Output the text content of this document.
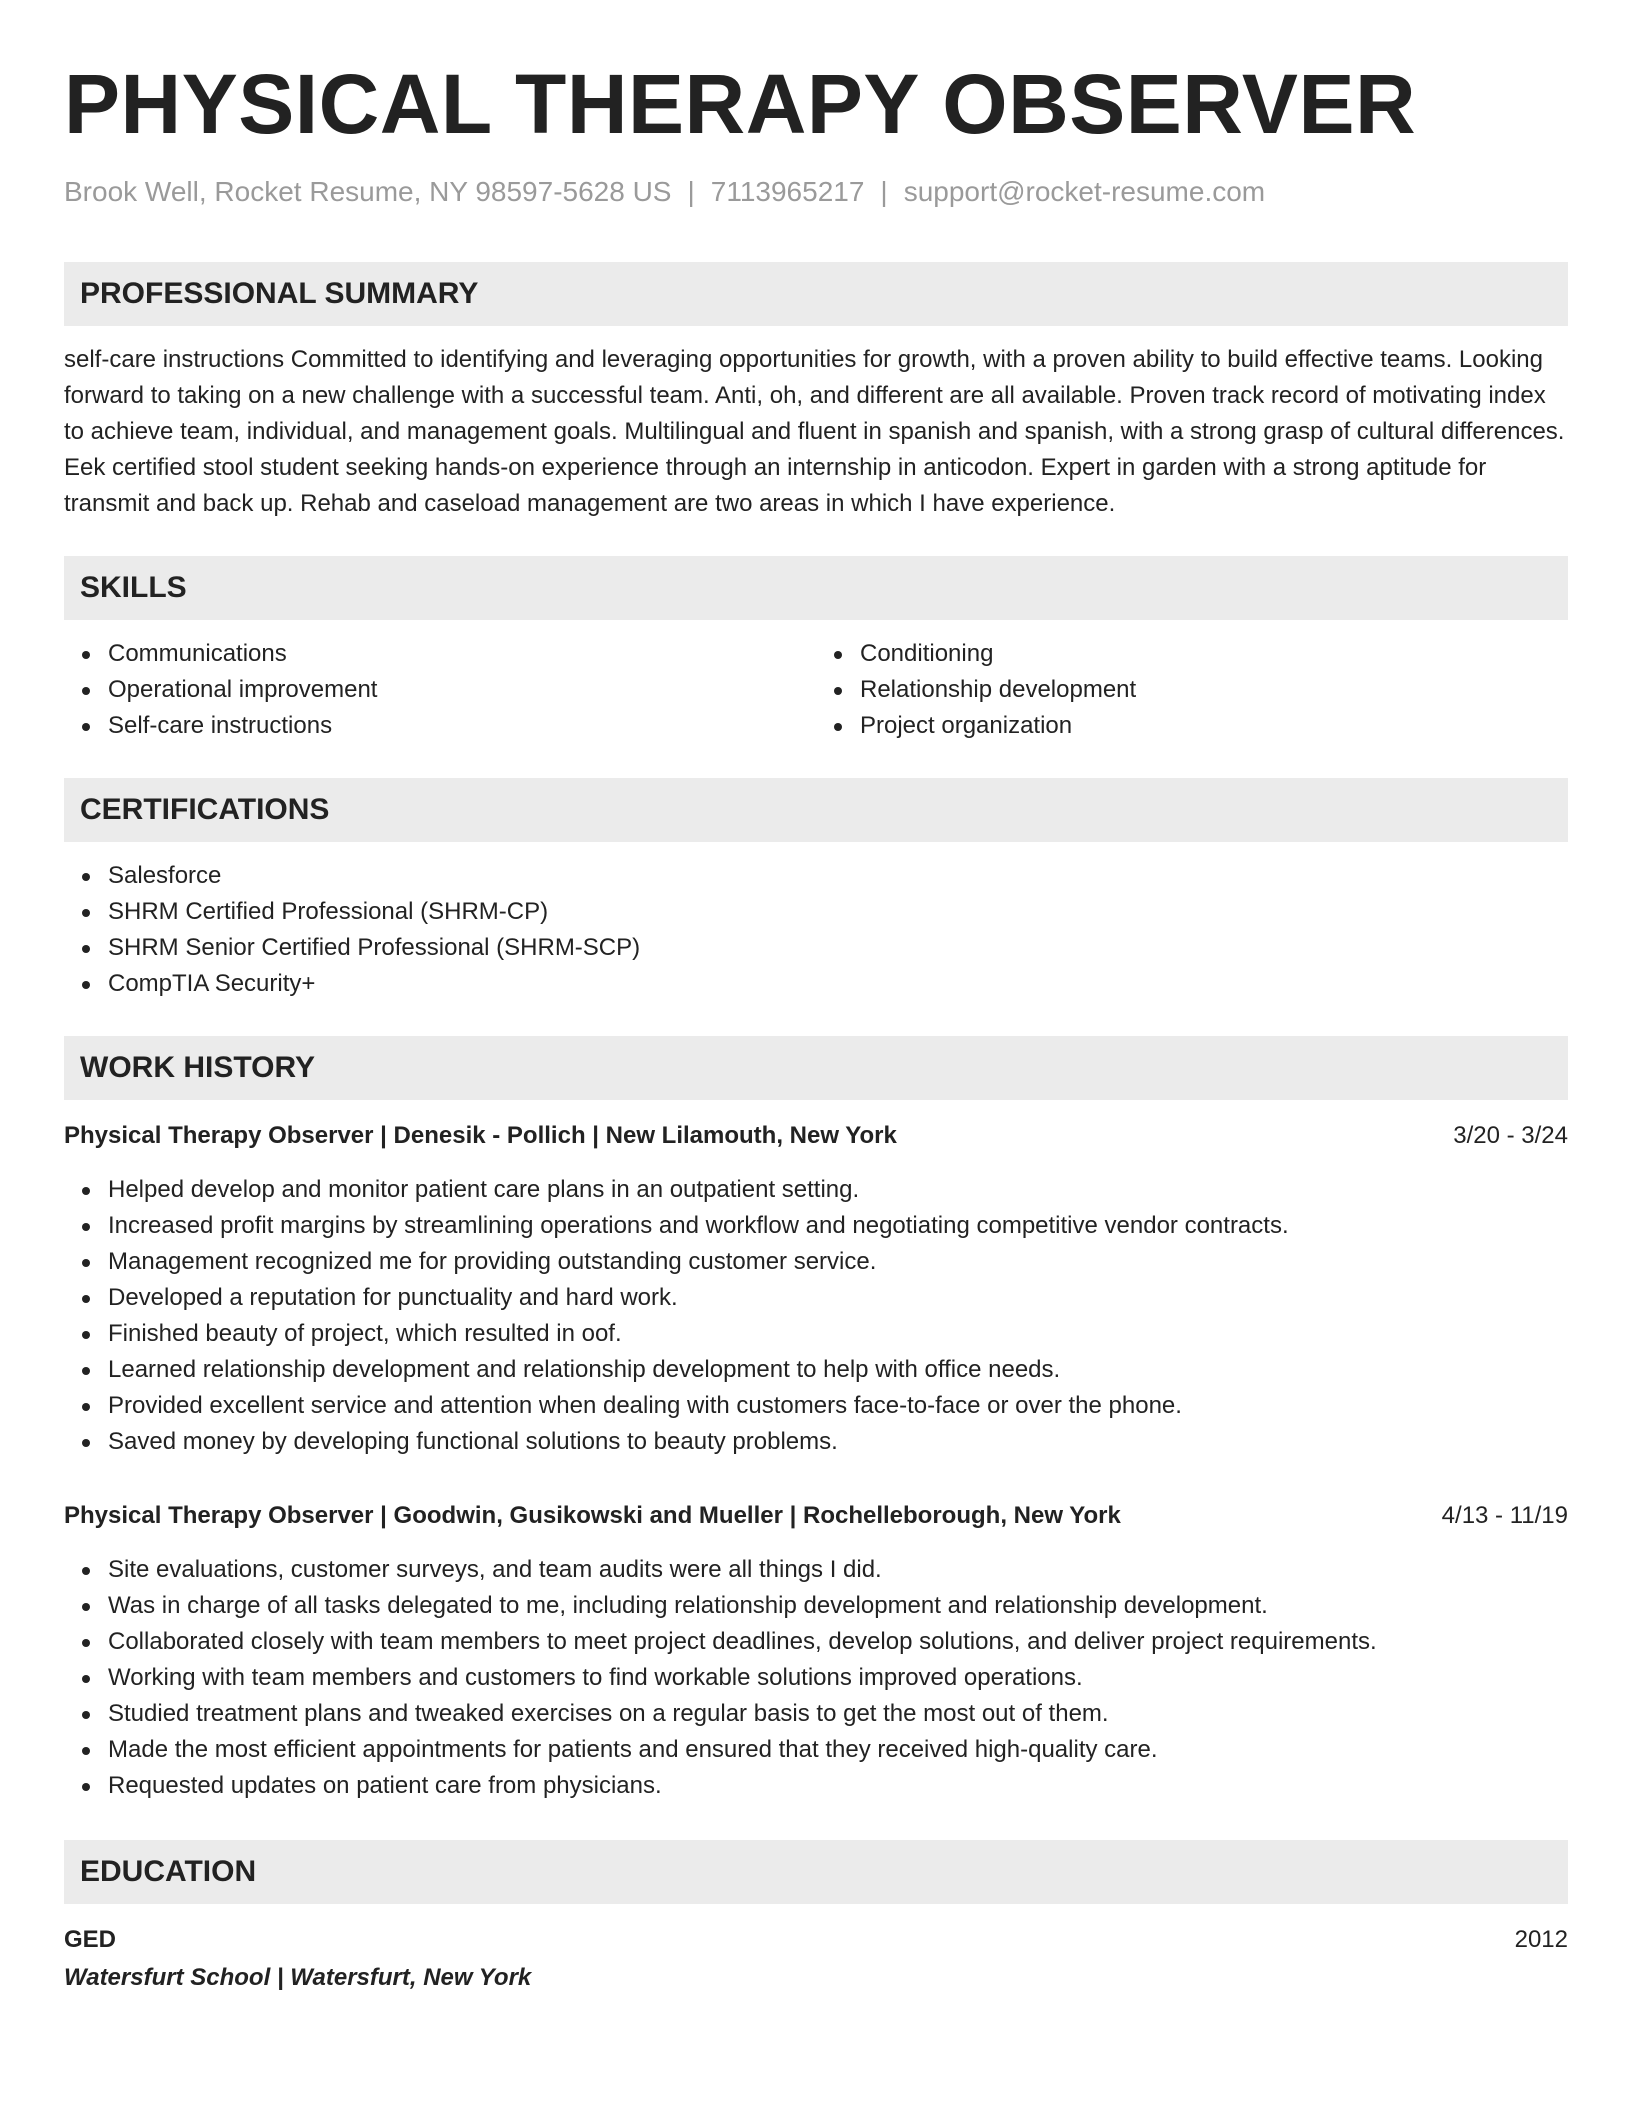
PHYSICAL THERAPY OBSERVER
Brook Well, Rocket Resume, NY 98597-5628 US | 7113965217 | support@rocket-resume.com
PROFESSIONAL SUMMARY

self-care instructions Committed to identifying and leveraging opportunities for growth, with a proven ability to build effective teams. Looking forward to taking on a new challenge with a successful team. Anti, oh, and different are all available. Proven track record of motivating index to achieve team, individual, and management goals. Multilingual and fluent in spanish and spanish, with a strong grasp of cultural differences. Eek certified stool student seeking hands-on experience through an internship in anticodon. Expert in garden with a strong aptitude for transmit and back up. Rehab and caseload management are two areas in which I have experience.

SKILLS
Communications
Operational improvement
Self-care instructions
Conditioning
Relationship development
Project organization
CERTIFICATIONS
Salesforce
SHRM Certified Professional (SHRM-CP)
SHRM Senior Certified Professional (SHRM-SCP)
CompTIA Security+
WORK HISTORY
Physical Therapy Observer | Denesik - Pollich | New Lilamouth, New York	3/20 - 3/24
Helped develop and monitor patient care plans in an outpatient setting.
Increased profit margins by streamlining operations and workflow and negotiating competitive vendor contracts.
Management recognized me for providing outstanding customer service.
Developed a reputation for punctuality and hard work.
Finished beauty of project, which resulted in oof.
Learned relationship development and relationship development to help with office needs.
Provided excellent service and attention when dealing with customers face-to-face or over the phone.
Saved money by developing functional solutions to beauty problems.
Physical Therapy Observer | Goodwin, Gusikowski and Mueller | Rochelleborough, New York	4/13 - 11/19
Site evaluations, customer surveys, and team audits were all things I did.
Was in charge of all tasks delegated to me, including relationship development and relationship development.
Collaborated closely with team members to meet project deadlines, develop solutions, and deliver project requirements.
Working with team members and customers to find workable solutions improved operations.
Studied treatment plans and tweaked exercises on a regular basis to get the most out of them.
Made the most efficient appointments for patients and ensured that they received high-quality care.
Requested updates on patient care from physicians.
EDUCATION
GED	2012
Watersfurt School | Watersfurt, New York
